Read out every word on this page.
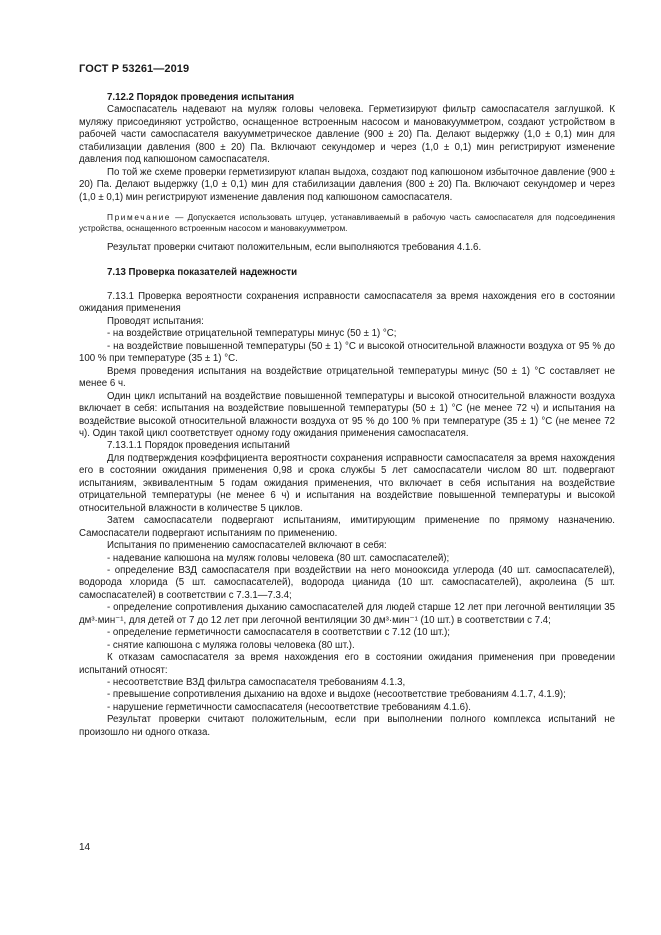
ГОСТ Р 53261—2019

7.12.2 Порядок проведения испытания

Самоспасатель надевают на муляж головы человека. Герметизируют фильтр самоспасателя заглушкой. К муляжу присоединяют устройство, оснащенное встроенным насосом и мановакуумметром, создают устройством в рабочей части самоспасателя вакуумметрическое давление (900 ± 20) Па. Делают выдержку (1,0 ± 0,1) мин для стабилизации давления (800 ± 20) Па. Включают секундомер и через (1,0 ± 0,1) мин регистрируют изменение давления под капюшоном самоспасателя.

По той же схеме проверки герметизируют клапан выдоха, создают под капюшоном избыточное давление (900 ± 20) Па. Делают выдержку (1,0 ± 0,1) мин для стабилизации давления (800 ± 20) Па. Включают секундомер и через (1,0 ± 0,1) мин регистрируют изменение давления под капюшоном самоспасателя.

Примечание — Допускается использовать штуцер, устанавливаемый в рабочую часть самоспасателя для подсоединения устройства, оснащенного встроенным насосом и мановакуумметром.

Результат проверки считают положительным, если выполняются требования 4.1.6.

7.13 Проверка показателей надежности

7.13.1 Проверка вероятности сохранения исправности самоспасателя за время нахождения его в состоянии ожидания применения

Проводят испытания:

- на воздействие отрицательной температуры минус (50 ± 1) °С;

- на воздействие повышенной температуры (50 ± 1) °С и высокой относительной влажности воздуха от 95 % до 100 % при температуре (35 ± 1) °С.

Время проведения испытания на воздействие отрицательной температуры минус (50 ± 1) °С составляет не менее 6 ч.

Один цикл испытаний на воздействие повышенной температуры и высокой относительной влажности воздуха включает в себя: испытания на воздействие повышенной температуры (50 ± 1) °С (не менее 72 ч) и испытания на воздействие высокой относительной влажности воздуха от 95 % до 100 % при температуре (35 ± 1) °С (не менее 72 ч). Один такой цикл соответствует одному году ожидания применения самоспасателя.

7.13.1.1 Порядок проведения испытаний

Для подтверждения коэффициента вероятности сохранения исправности самоспасателя за время нахождения его в состоянии ожидания применения 0,98 и срока службы 5 лет самоспасатели числом 80 шт. подвергают испытаниям, эквивалентным 5 годам ожидания применения, что включает в себя испытания на воздействие отрицательной температуры (не менее 6 ч) и испытания на воздействие повышенной температуры и высокой относительной влажности в количестве 5 циклов.

Затем самоспасатели подвергают испытаниям, имитирующим применение по прямому назначению. Самоспасатели подвергают испытаниям по применению.

Испытания по применению самоспасателей включают в себя:

- надевание капюшона на муляж головы человека (80 шт. самоспасателей);

- определение ВЗД самоспасателя при воздействии на него монооксида углерода (40 шт. самоспасателей), водорода хлорида (5 шт. самоспасателей), водорода цианида (10 шт. самоспасателей), акролеина (5 шт. самоспасателей) в соответствии с 7.3.1—7.3.4;

- определение сопротивления дыханию самоспасателей для людей старше 12 лет при легочной вентиляции 35 дм³·мин⁻¹, для детей от 7 до 12 лет при легочной вентиляции 30 дм³·мин⁻¹ (10 шт.) в соответствии с 7.4;

- определение герметичности самоспасателя в соответствии с 7.12 (10 шт.);

- снятие капюшона с муляжа головы человека (80 шт.).

К отказам самоспасателя за время нахождения его в состоянии ожидания применения при проведении испытаний относят:

- несоответствие ВЗД фильтра самоспасателя требованиям 4.1.3,

- превышение сопротивления дыханию на вдохе и выдохе (несоответствие требованиям 4.1.7, 4.1.9);

- нарушение герметичности самоспасателя (несоответствие требованиям 4.1.6).

Результат проверки считают положительным, если при выполнении полного комплекса испытаний не произошло ни одного отказа.

14
